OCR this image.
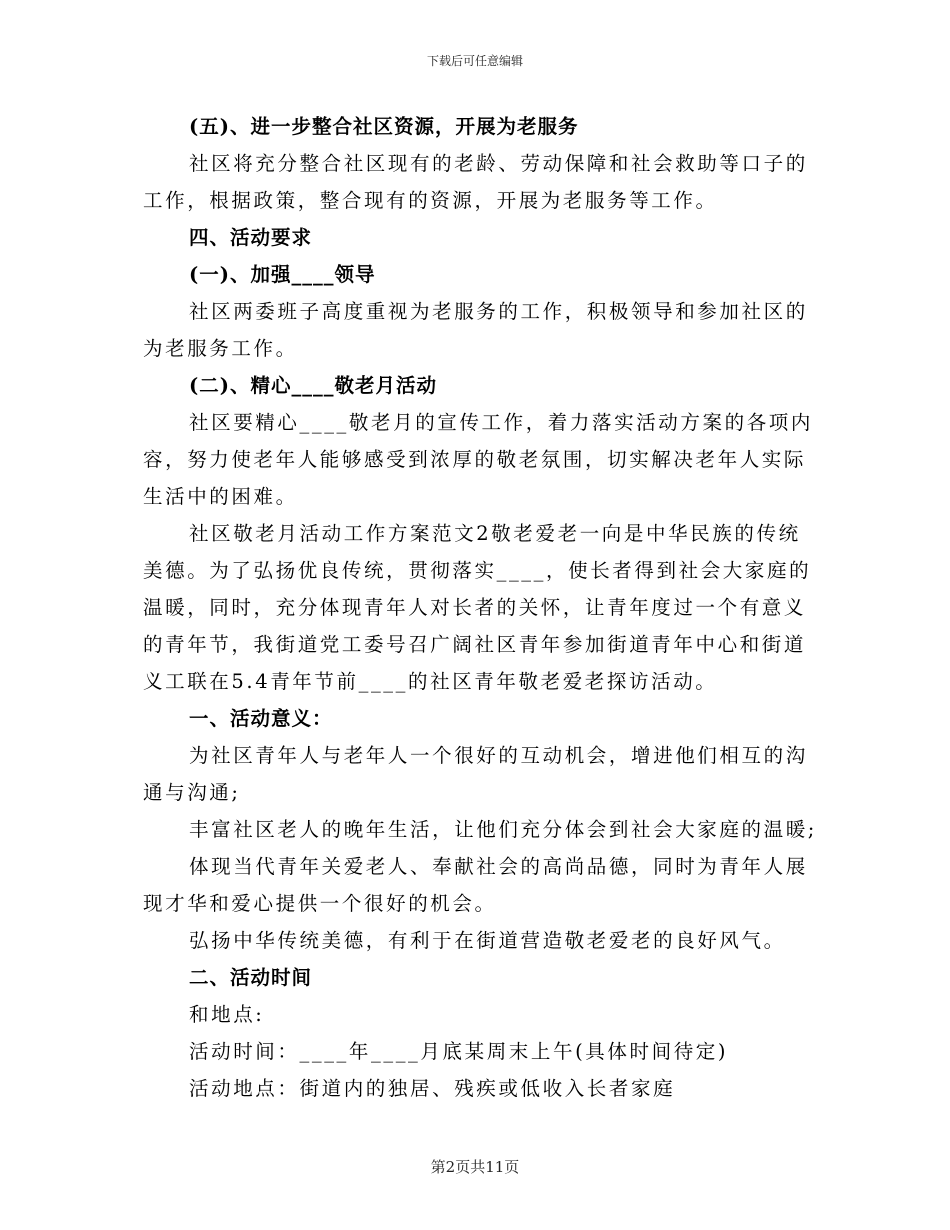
下载后可任意编辑
(五)、进一步整合社区资源，开展为老服务
社区将充分整合社区现有的老龄、劳动保障和社会救助等口子的
工作，根据政策，整合现有的资源，开展为老服务等工作。
四、活动要求
(一)、加强____领导
社区两委班子高度重视为老服务的工作，积极领导和参加社区的
为老服务工作。
(二)、精心____敬老月活动
社区要精心____敬老月的宣传工作，着力落实活动方案的各项内
容，努力使老年人能够感受到浓厚的敬老氛围，切实解决老年人实际
生活中的困难。
社区敬老月活动工作方案范文2敬老爱老一向是中华民族的传统
美德。为了弘扬优良传统，贯彻落实____，使长者得到社会大家庭的
温暖，同时，充分体现青年人对长者的关怀，让青年度过一个有意义
的青年节，我街道党工委号召广阔社区青年参加街道青年中心和街道
义工联在5.4青年节前____的社区青年敬老爱老探访活动。
一、活动意义：
为社区青年人与老年人一个很好的互动机会，增进他们相互的沟
通与沟通;
丰富社区老人的晚年生活，让他们充分体会到社会大家庭的温暖;
体现当代青年关爱老人、奉献社会的高尚品德，同时为青年人展
现才华和爱心提供一个很好的机会。
弘扬中华传统美德，有利于在街道营造敬老爱老的良好风气。
二、活动时间
和地点:
活动时间：____年____月底某周末上午(具体时间待定)
活动地点：街道内的独居、残疾或低收入长者家庭
第2页共11页
